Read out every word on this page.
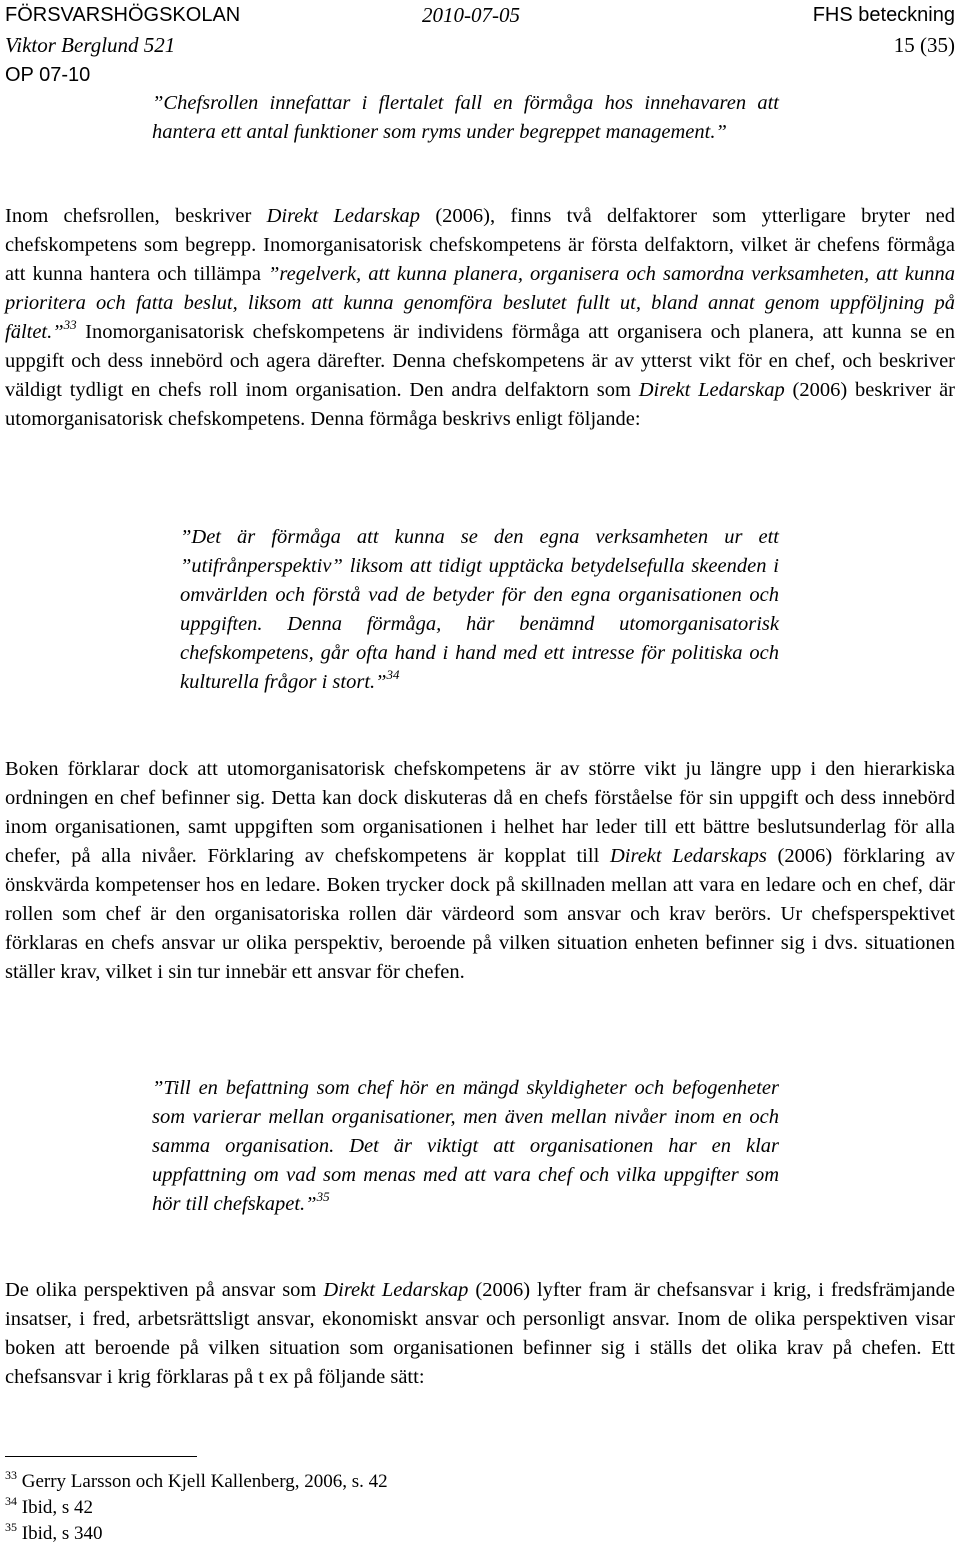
FÖRSVARSHÖGSKOLAN	2010-07-05	FHS beteckning
Viktor Berglund 521	15 (35)
OP 07-10
”Chefsrollen innefattar i flertalet fall en förmåga hos innehavaren att hantera ett antal funktioner som ryms under begreppet management.”
Inom chefsrollen, beskriver Direkt Ledarskap (2006), finns två delfaktorer som ytterligare bryter ned chefskompetens som begrepp. Inomorganisatorisk chefskompetens är första delfaktorn, vilket är chefens förmåga att kunna hantera och tillämpa ”regelverk, att kunna planera, organisera och samordna verksamheten, att kunna prioritera och fatta beslut, liksom att kunna genomföra beslutet fullt ut, bland annat genom uppföljning på fältet.”$^{33}$ Inomorganisatorisk chefskompetens är individens förmåga att organisera och planera, att kunna se en uppgift och dess innebörd och agera därefter. Denna chefskompetens är av ytterst vikt för en chef, och beskriver väldigt tydligt en chefs roll inom organisation. Den andra delfaktorn som Direkt Ledarskap (2006) beskriver är utomorganisatorisk chefskompetens. Denna förmåga beskrivs enligt följande:
”Det är förmåga att kunna se den egna verksamheten ur ett ”utifrånperspektiv” liksom att tidigt upptäcka betydelsefulla skeenden i omvärlden och förstå vad de betyder för den egna organisationen och uppgiften. Denna förmåga, här benämnd utomorganisatorisk chefskompetens, går ofta hand i hand med ett intresse för politiska och kulturella frågor i stort.”$^{34}$
Boken förklarar dock att utomorganisatorisk chefskompetens är av större vikt ju längre upp i den hierarkiska ordningen en chef befinner sig. Detta kan dock diskuteras då en chefs förståelse för sin uppgift och dess innebörd inom organisationen, samt uppgiften som organisationen i helhet har leder till ett bättre beslutsunderlag för alla chefer, på alla nivåer. Förklaring av chefskompetens är kopplat till Direkt Ledarskaps (2006) förklaring av önskvärda kompetenser hos en ledare. Boken trycker dock på skillnaden mellan att vara en ledare och en chef, där rollen som chef är den organisatoriska rollen där värdeord som ansvar och krav berörs. Ur chefsperspektivet förklaras en chefs ansvar ur olika perspektiv, beroende på vilken situation enheten befinner sig i dvs. situationen ställer krav, vilket i sin tur innebär ett ansvar för chefen.
”Till en befattning som chef hör en mängd skyldigheter och befogenheter som varierar mellan organisationer, men även mellan nivåer inom en och samma organisation. Det är viktigt att organisationen har en klar uppfattning om vad som menas med att vara chef och vilka uppgifter som hör till chefskapet.”$^{35}$
De olika perspektiven på ansvar som Direkt Ledarskap (2006) lyfter fram är chefsansvar i krig, i fredsfrämjande insatser, i fred, arbetsrättsligt ansvar, ekonomiskt ansvar och personligt ansvar. Inom de olika perspektiven visar boken att beroende på vilken situation som organisationen befinner sig i ställs det olika krav på chefen. Ett chefsansvar i krig förklaras på t ex på följande sätt:
$^{33}$ Gerry Larsson och Kjell Kallenberg, 2006, s. 42
$^{34}$ Ibid, s 42
$^{35}$ Ibid, s 340
